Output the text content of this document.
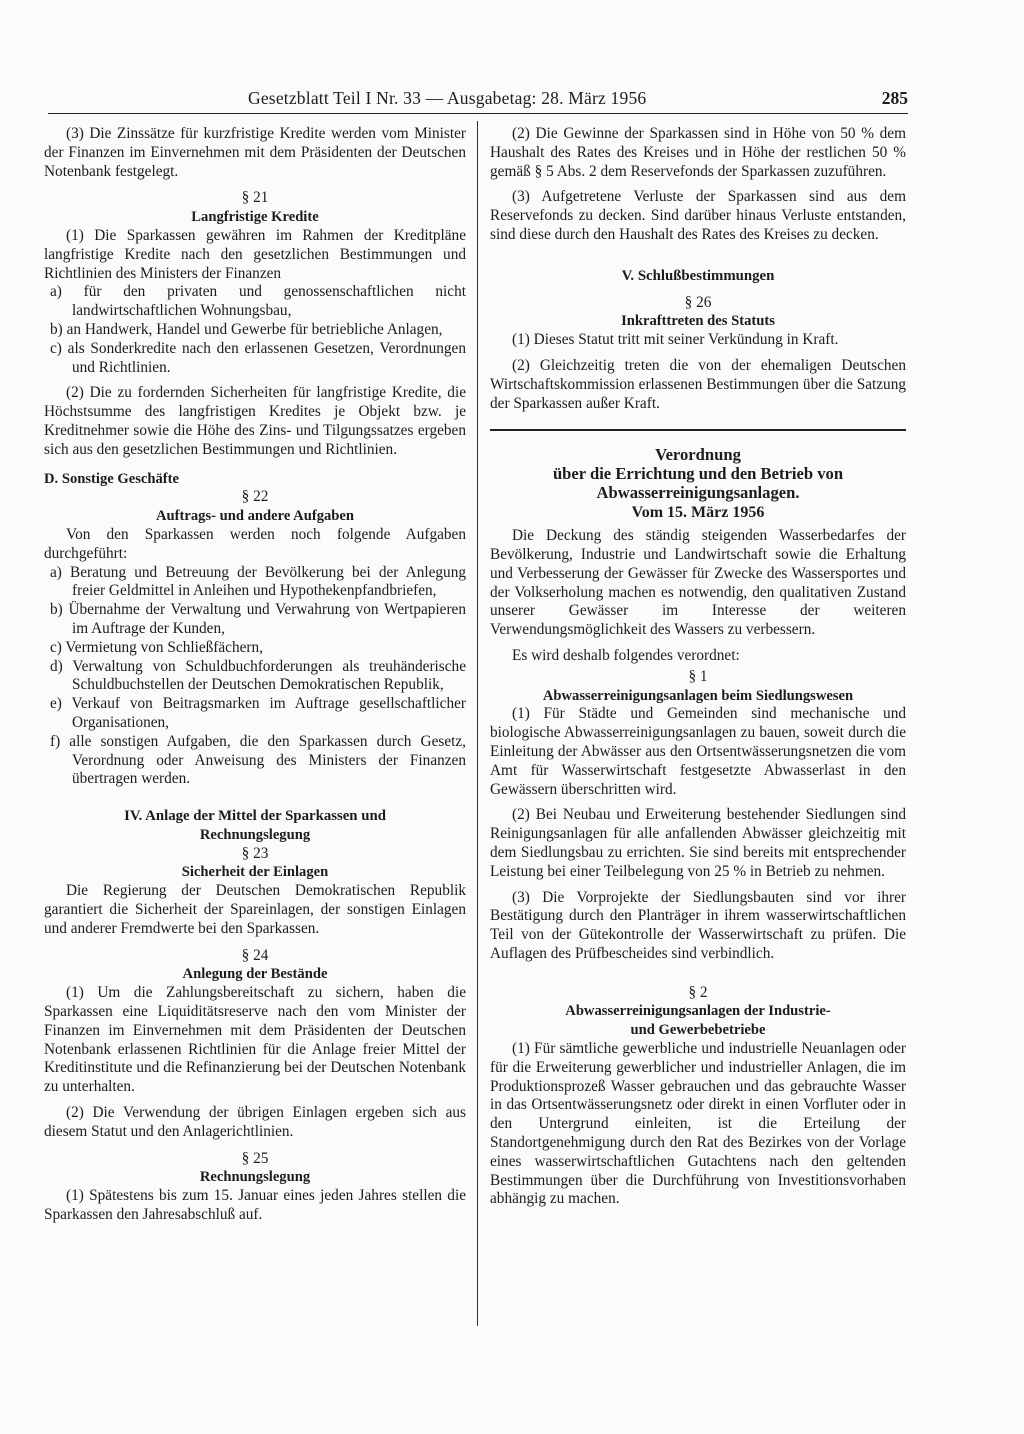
Gesetzblatt Teil I Nr. 33 — Ausgabetag: 28. März 1956	285

(3) Die Zinssätze für kurzfristige Kredite werden vom Minister der Finanzen im Einvernehmen mit dem Präsidenten der Deutschen Notenbank festgelegt.

§ 21

Langfristige Kredite

(1) Die Sparkassen gewähren im Rahmen der Kreditpläne langfristige Kredite nach den gesetzlichen Bestimmungen und Richtlinien des Ministers der Finanzen

a) für den privaten und genossenschaftlichen nicht landwirtschaftlichen Wohnungsbau,

b) an Handwerk, Handel und Gewerbe für betriebliche Anlagen,

c) als Sonderkredite nach den erlassenen Gesetzen, Verordnungen und Richtlinien.

(2) Die zu fordernden Sicherheiten für langfristige Kredite, die Höchstsumme des langfristigen Kredites je Objekt bzw. je Kreditnehmer sowie die Höhe des Zins- und Tilgungssatzes ergeben sich aus den gesetzlichen Bestimmungen und Richtlinien.

D. Sonstige Geschäfte

§ 22

Auftrags- und andere Aufgaben

Von den Sparkassen werden noch folgende Aufgaben durchgeführt:

a) Beratung und Betreuung der Bevölkerung bei der Anlegung freier Geldmittel in Anleihen und Hypothekenpfandbriefen,

b) Übernahme der Verwaltung und Verwahrung von Wertpapieren im Auftrage der Kunden,

c) Vermietung von Schließfächern,

d) Verwaltung von Schuldbuchforderungen als treuhänderische Schuldbuchstellen der Deutschen Demokratischen Republik,

e) Verkauf von Beitragsmarken im Auftrage gesellschaftlicher Organisationen,

f) alle sonstigen Aufgaben, die den Sparkassen durch Gesetz, Verordnung oder Anweisung des Ministers der Finanzen übertragen werden.

IV. Anlage der Mittel der Sparkassen und

Rechnungslegung

§ 23

Sicherheit der Einlagen

Die Regierung der Deutschen Demokratischen Republik garantiert die Sicherheit der Spareinlagen, der sonstigen Einlagen und anderer Fremdwerte bei den Sparkassen.

§ 24

Anlegung der Bestände

(1) Um die Zahlungsbereitschaft zu sichern, haben die Sparkassen eine Liquiditätsreserve nach den vom Minister der Finanzen im Einvernehmen mit dem Präsidenten der Deutschen Notenbank erlassenen Richtlinien für die Anlage freier Mittel der Kreditinstitute und die Refinanzierung bei der Deutschen Notenbank zu unterhalten.

(2) Die Verwendung der übrigen Einlagen ergeben sich aus diesem Statut und den Anlagerichtlinien.

§ 25

Rechnungslegung

(1) Spätestens bis zum 15. Januar eines jeden Jahres stellen die Sparkassen den Jahresabschluß auf.

(2) Die Gewinne der Sparkassen sind in Höhe von 50 % dem Haushalt des Rates des Kreises und in Höhe der restlichen 50 % gemäß § 5 Abs. 2 dem Reservefonds der Sparkassen zuzuführen.

(3) Aufgetretene Verluste der Sparkassen sind aus dem Reservefonds zu decken. Sind darüber hinaus Verluste entstanden, sind diese durch den Haushalt des Rates des Kreises zu decken.

V. Schlußbestimmungen

§ 26

Inkrafttreten des Statuts

(1) Dieses Statut tritt mit seiner Verkündung in Kraft.

(2) Gleichzeitig treten die von der ehemaligen Deutschen Wirtschaftskommission erlassenen Bestimmungen über die Satzung der Sparkassen außer Kraft.

Verordnung

über die Errichtung und den Betrieb von

Abwasserreinigungsanlagen.

Vom 15. März 1956

Die Deckung des ständig steigenden Wasserbedarfes der Bevölkerung, Industrie und Landwirtschaft sowie die Erhaltung und Verbesserung der Gewässer für Zwecke des Wassersportes und der Volkserholung machen es notwendig, den qualitativen Zustand unserer Gewässer im Interesse der weiteren Verwendungsmöglichkeit des Wassers zu verbessern.

Es wird deshalb folgendes verordnet:

§ 1

Abwasserreinigungsanlagen beim Siedlungswesen

(1) Für Städte und Gemeinden sind mechanische und biologische Abwasserreinigungsanlagen zu bauen, soweit durch die Einleitung der Abwässer aus den Ortsentwässerungsnetzen die vom Amt für Wasserwirtschaft festgesetzte Abwasserlast in den Gewässern überschritten wird.

(2) Bei Neubau und Erweiterung bestehender Siedlungen sind Reinigungsanlagen für alle anfallenden Abwässer gleichzeitig mit dem Siedlungsbau zu errichten. Sie sind bereits mit entsprechender Leistung bei einer Teilbelegung von 25 % in Betrieb zu nehmen.

(3) Die Vorprojekte der Siedlungsbauten sind vor ihrer Bestätigung durch den Planträger in ihrem wasserwirtschaftlichen Teil von der Gütekontrolle der Wasserwirtschaft zu prüfen. Die Auflagen des Prüfbescheides sind verbindlich.

§ 2

Abwasserreinigungsanlagen der Industrie-

und Gewerbebetriebe

(1) Für sämtliche gewerbliche und industrielle Neuanlagen oder für die Erweiterung gewerblicher und industrieller Anlagen, die im Produktionsprozeß Wasser gebrauchen und das gebrauchte Wasser in das Ortsentwässerungsnetz oder direkt in einen Vorfluter oder in den Untergrund einleiten, ist die Erteilung der Standortgenehmigung durch den Rat des Bezirkes von der Vorlage eines wasserwirtschaftlichen Gutachtens nach den geltenden Bestimmungen über die Durchführung von Investitionsvorhaben abhängig zu machen.
